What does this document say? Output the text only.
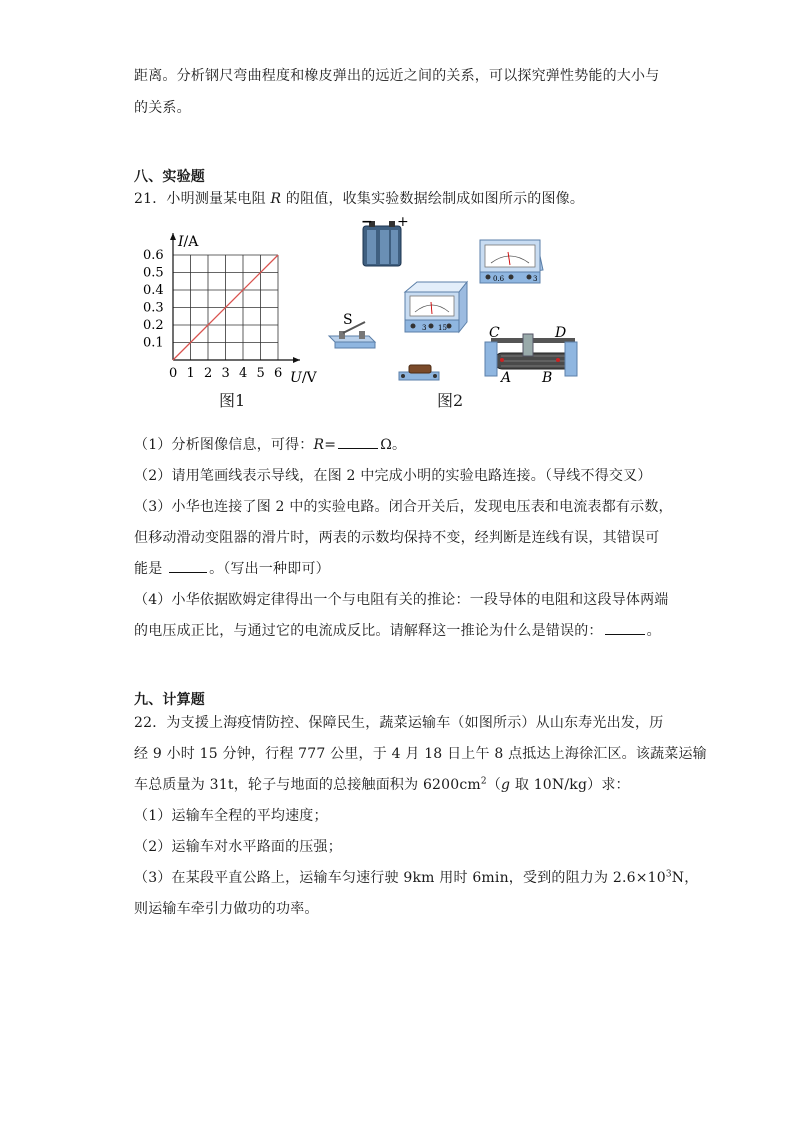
距离。分析钢尺弯曲程度和橡皮弹出的远近之间的关系，可以探究弹性势能的大小与
的关系。
八、实验题
21．小明测量某电阻 R 的阻值，收集实验数据绘制成如图所示的图像。
0 1 2 3 4 5 6
0.1
0.2
0.3
0.4
0.5
0.6
I/A
U/V
图1
− +
0.6	3
3 15
S
C	D
A B
图2
（1）分析图像信息，可得：R=	Ω。
（2）请用笔画线表示导线，在图 2 中完成小明的实验电路连接。（导线不得交叉）
（3）小华也连接了图 2 中的实验电路。闭合开关后，发现电压表和电流表都有示数，
但移动滑动变阻器的滑片时，两表的示数均保持不变，经判断是连线有误，其错误可
能是	。（写出一种即可）
（4）小华依据欧姆定律得出一个与电阻有关的推论：一段导体的电阻和这段导体两端
的电压成正比，与通过它的电流成反比。请解释这一推论为什么是错误的：	。
九、计算题
22．为支援上海疫情防控、保障民生，蔬菜运输车（如图所示）从山东寿光出发，历
经 9 小时 15 分钟，行程 777 公里，于 4 月 18 日上午 8 点抵达上海徐汇区。该蔬菜运输
车总质量为 31t，轮子与地面的总接触面积为 $6200cm^2(g$ 取 10N/kg）求：
（1）运输车全程的平均速度；
（2）运输车对水平路面的压强；
（3）在某段平直公路上，运输车匀速行驶 9km 用时 6min，受到的阻力为 $2.6\times 10^3N$，
则运输车牵引力做功的功率。
